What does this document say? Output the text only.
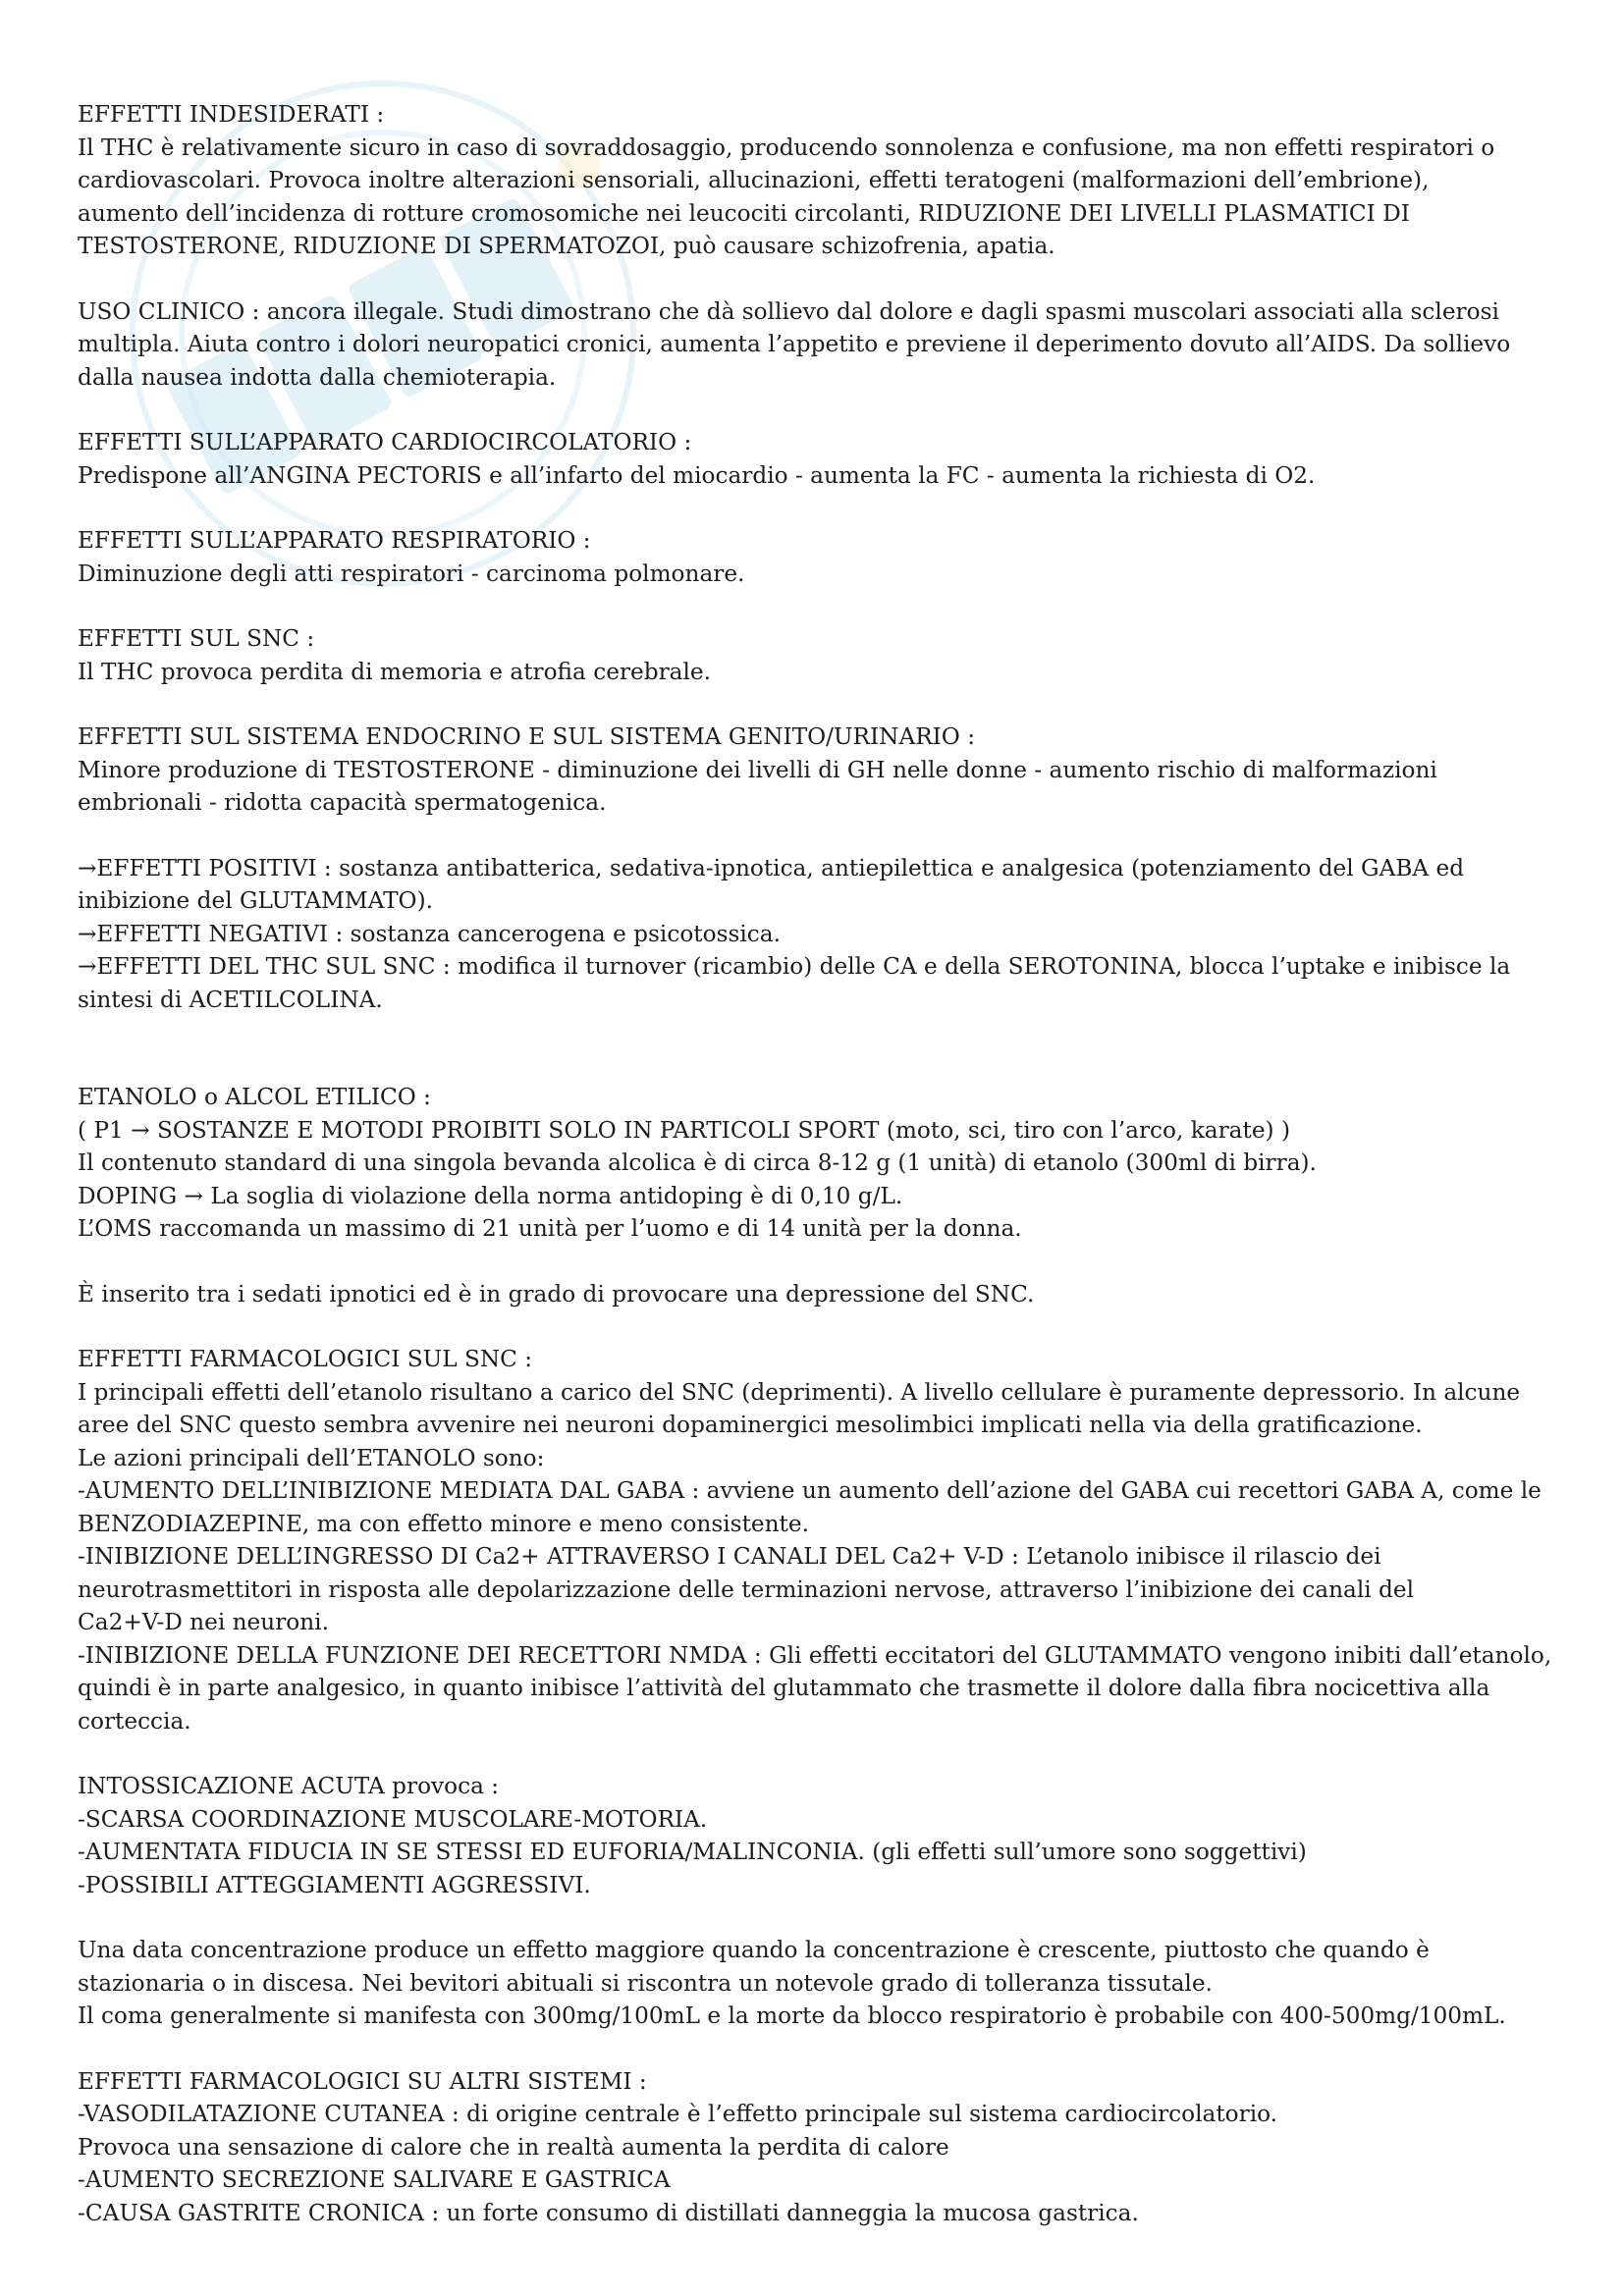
EFFETTI INDESIDERATI :
Il THC è relativamente sicuro in caso di sovraddosaggio, producendo sonnolenza e confusione, ma non effetti respiratori o
cardiovascolari. Provoca inoltre alterazioni sensoriali, allucinazioni, effetti teratogeni (malformazioni dell’embrione),
aumento dell’incidenza di rotture cromosomiche nei leucociti circolanti, RIDUZIONE DEI LIVELLI PLASMATICI DI
TESTOSTERONE, RIDUZIONE DI SPERMATOZOI, può causare schizofrenia, apatia.
USO CLINICO : ancora illegale. Studi dimostrano che dà sollievo dal dolore e dagli spasmi muscolari associati alla sclerosi
multipla. Aiuta contro i dolori neuropatici cronici, aumenta l’appetito e previene il deperimento dovuto all’AIDS. Da sollievo
dalla nausea indotta dalla chemioterapia.
EFFETTI SULL’APPARATO CARDIOCIRCOLATORIO :
Predispone all’ANGINA PECTORIS e all’infarto del miocardio - aumenta la FC - aumenta la richiesta di O2.
EFFETTI SULL’APPARATO RESPIRATORIO :
Diminuzione degli atti respiratori - carcinoma polmonare.
EFFETTI SUL SNC :
Il THC provoca perdita di memoria e atrofia cerebrale.
EFFETTI SUL SISTEMA ENDOCRINO E SUL SISTEMA GENITO/URINARIO :
Minore produzione di TESTOSTERONE - diminuzione dei livelli di GH nelle donne - aumento rischio di malformazioni
embrionali - ridotta capacità spermatogenica.
→EFFETTI POSITIVI : sostanza antibatterica, sedativa-ipnotica, antiepilettica e analgesica (potenziamento del GABA ed
inibizione del GLUTAMMATO).
→EFFETTI NEGATIVI : sostanza cancerogena e psicotossica.
→EFFETTI DEL THC SUL SNC : modifica il turnover (ricambio) delle CA e della SEROTONINA, blocca l’uptake e inibisce la
sintesi di ACETILCOLINA.
ETANOLO o ALCOL ETILICO :
( P1 → SOSTANZE E MOTODI PROIBITI SOLO IN PARTICOLI SPORT (moto, sci, tiro con l’arco, karate) )
Il contenuto standard di una singola bevanda alcolica è di circa 8-12 g (1 unità) di etanolo (300ml di birra).
DOPING → La soglia di violazione della norma antidoping è di 0,10 g/L.
L’OMS raccomanda un massimo di 21 unità per l’uomo e di 14 unità per la donna.
È inserito tra i sedati ipnotici ed è in grado di provocare una depressione del SNC.
EFFETTI FARMACOLOGICI SUL SNC :
I principali effetti dell’etanolo risultano a carico del SNC (deprimenti). A livello cellulare è puramente depressorio. In alcune
aree del SNC questo sembra avvenire nei neuroni dopaminergici mesolimbici implicati nella via della gratificazione.
Le azioni principali dell’ETANOLO sono:
-AUMENTO DELL’INIBIZIONE MEDIATA DAL GABA : avviene un aumento dell’azione del GABA cui recettori GABA A, come le
BENZODIAZEPINE, ma con effetto minore e meno consistente.
-INIBIZIONE DELL’INGRESSO DI Ca2+ ATTRAVERSO I CANALI DEL Ca2+ V-D : L’etanolo inibisce il rilascio dei
neurotrasmettitori in risposta alle depolarizzazione delle terminazioni nervose, attraverso l’inibizione dei canali del
Ca2+V-D nei neuroni.
-INIBIZIONE DELLA FUNZIONE DEI RECETTORI NMDA : Gli effetti eccitatori del GLUTAMMATO vengono inibiti dall’etanolo,
quindi è in parte analgesico, in quanto inibisce l’attività del glutammato che trasmette il dolore dalla fibra nocicettiva alla
corteccia.
INTOSSICAZIONE ACUTA provoca :
-SCARSA COORDINAZIONE MUSCOLARE-MOTORIA.
-AUMENTATA FIDUCIA IN SE STESSI ED EUFORIA/MALINCONIA. (gli effetti sull’umore sono soggettivi)
-POSSIBILI ATTEGGIAMENTI AGGRESSIVI.
Una data concentrazione produce un effetto maggiore quando la concentrazione è crescente, piuttosto che quando è
stazionaria o in discesa. Nei bevitori abituali si riscontra un notevole grado di tolleranza tissutale.
Il coma generalmente si manifesta con 300mg/100mL e la morte da blocco respiratorio è probabile con 400-500mg/100mL.
EFFETTI FARMACOLOGICI SU ALTRI SISTEMI :
-VASODILATAZIONE CUTANEA : di origine centrale è l’effetto principale sul sistema cardiocircolatorio.
Provoca una sensazione di calore che in realtà aumenta la perdita di calore
-AUMENTO SECREZIONE SALIVARE E GASTRICA
-CAUSA GASTRITE CRONICA : un forte consumo di distillati danneggia la mucosa gastrica.
